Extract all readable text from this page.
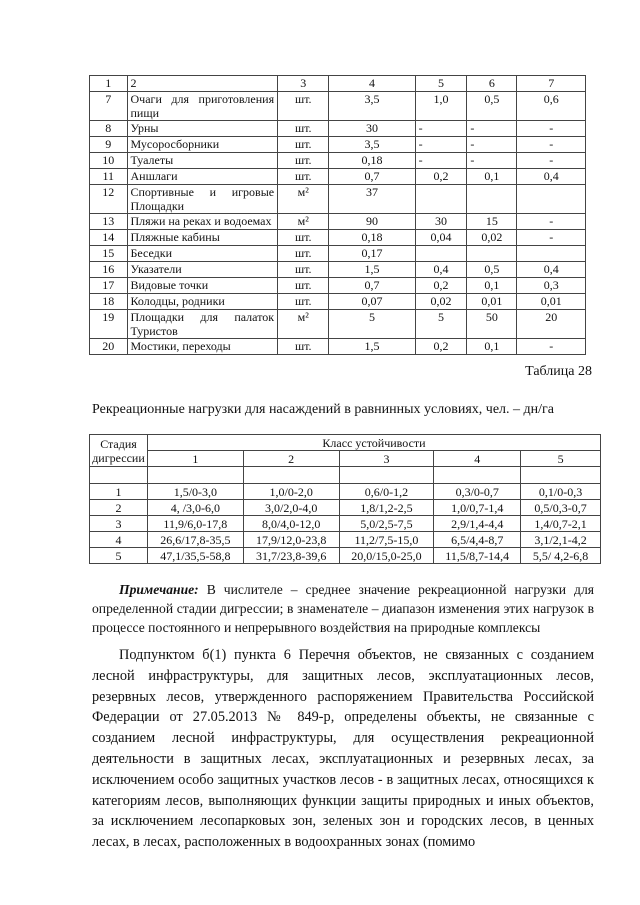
1	2	3	4	5	6	7
7	Очаги для приготовления пищи	шт.	3,5	1,0	0,5	0,6
8	Урны	шт.	30	-	-	-
9	Мусоросборники	шт.	3,5	-	-	-
10	Туалеты	шт.	0,18	-	-	-
11	Аншлаги	шт.	0,7	0,2	0,1	0,4
12	Спортивные и игровые Площадки	м²	37			
13	Пляжи на реках и водоемах	м²	90	30	15	-
14	Пляжные кабины	шт.	0,18	0,04	0,02	-
15	Беседки	шт.	0,17			
16	Указатели	шт.	1,5	0,4	0,5	0,4
17	Видовые точки	шт.	0,7	0,2	0,1	0,3
18	Колодцы, родники	шт.	0,07	0,02	0,01	0,01
19	Площадки для палаток Туристов	м²	5	5	50	20
20	Мостики, переходы	шт.	1,5	0,2	0,1	-
Таблица 28
Рекреационные нагрузки для насаждений в равнинных условиях, чел. – дн/га
Стадия дигрессии	Класс устойчивости				
	1	2	3	4	5

1	1,5/0-3,0	1,0/0-2,0	0,6/0-1,2	0,3/0-0,7	0,1/0-0,3
2	4, /3,0-6,0	3,0/2,0-4,0	1,8/1,2-2,5	1,0/0,7-1,4	0,5/0,3-0,7
3	11,9/6,0-17,8	8,0/4,0-12,0	5,0/2,5-7,5	2,9/1,4-4,4	1,4/0,7-2,1
4	26,6/17,8-35,5	17,9/12,0-23,8	11,2/7,5-15,0	6,5/4,4-8,7	3,1/2,1-4,2
5	47,1/35,5-58,8	31,7/23,8-39,6	20,0/15,0-25,0	11,5/8,7-14,4	5,5/ 4,2-6,8
Примечание: В числителе – среднее значение рекреационной нагрузки для определенной стадии дигрессии; в знаменателе – диапазон изменения этих нагрузок в процессе постоянного и непрерывного воздействия на природные комплексы
Подпунктом б(1) пункта 6 Перечня объектов, не связанных с созданием лесной инфраструктуры, для защитных лесов, эксплуатационных лесов, резервных лесов, утвержденного распоряжением Правительства Российской Федерации от 27.05.2013 № 849-р, определены объекты, не связанные с созданием лесной инфраструктуры, для осуществления рекреационной деятельности в защитных лесах, эксплуатационных и резервных лесах, за исключением особо защитных участков лесов - в защитных лесах, относящихся к категориям лесов, выполняющих функции защиты природных и иных объектов, за исключением лесопарковых зон, зеленых зон и городских лесов, в ценных лесах, в лесах, расположенных в водоохранных зонах (помимо
